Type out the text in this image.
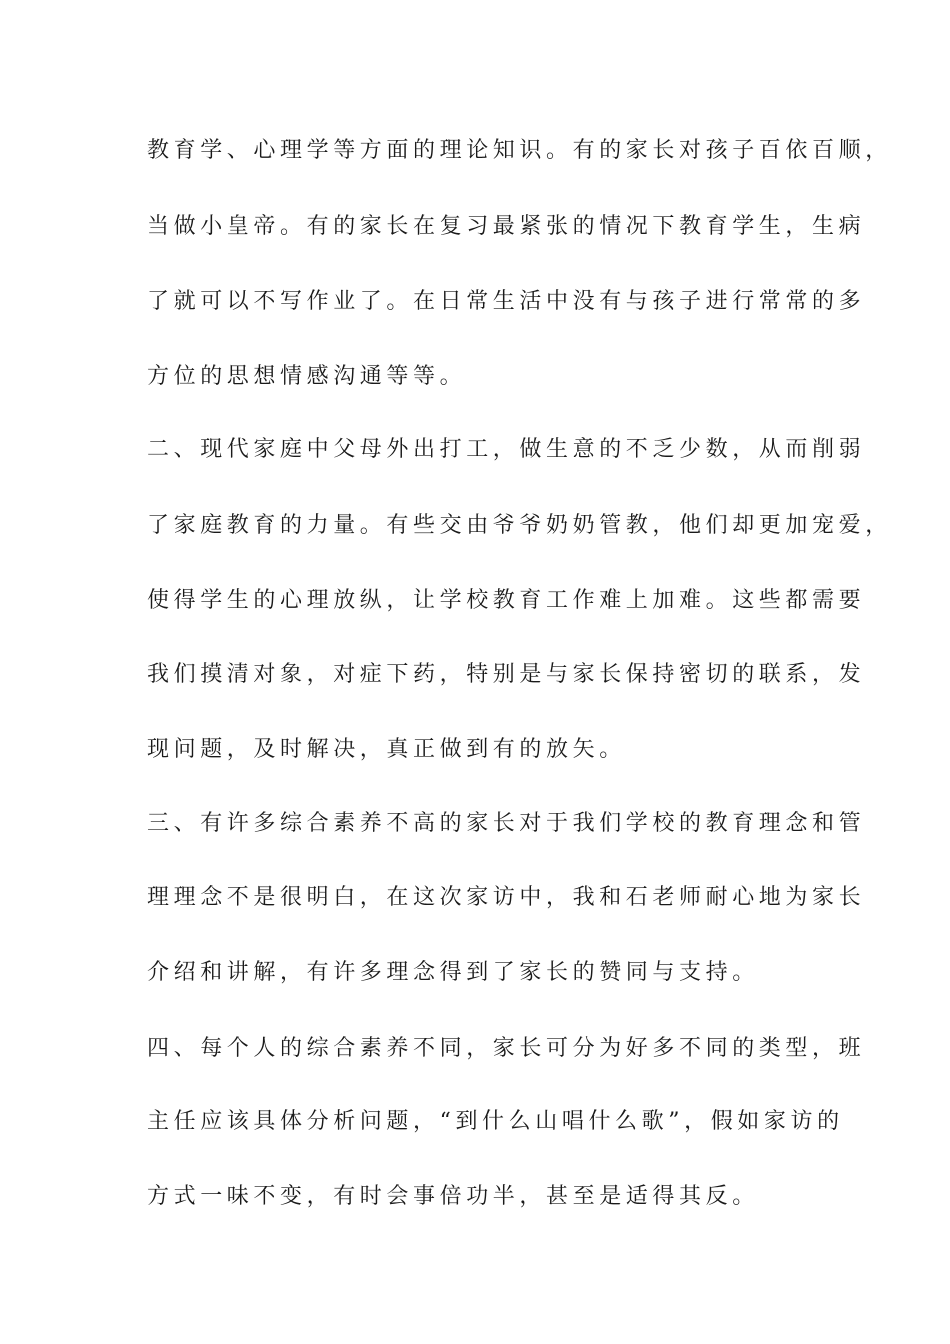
教育学、心理学等方面的理论知识。有的家长对孩子百依百顺，
当做小皇帝。有的家长在复习最紧张的情况下教育学生，生病
了就可以不写作业了。在日常生活中没有与孩子进行常常的多
方位的思想情感沟通等等。
二、现代家庭中父母外出打工，做生意的不乏少数，从而削弱
了家庭教育的力量。有些交由爷爷奶奶管教，他们却更加宠爱，
使得学生的心理放纵，让学校教育工作难上加难。这些都需要
我们摸清对象，对症下药，特别是与家长保持密切的联系，发
现问题，及时解决，真正做到有的放矢。
三、有许多综合素养不高的家长对于我们学校的教育理念和管
理理念不是很明白，在这次家访中，我和石老师耐心地为家长
介绍和讲解，有许多理念得到了家长的赞同与支持。
四、每个人的综合素养不同，家长可分为好多不同的类型，班
主任应该具体分析问题，“到什么山唱什么歌”，假如家访的
方式一味不变，有时会事倍功半，甚至是适得其反。
